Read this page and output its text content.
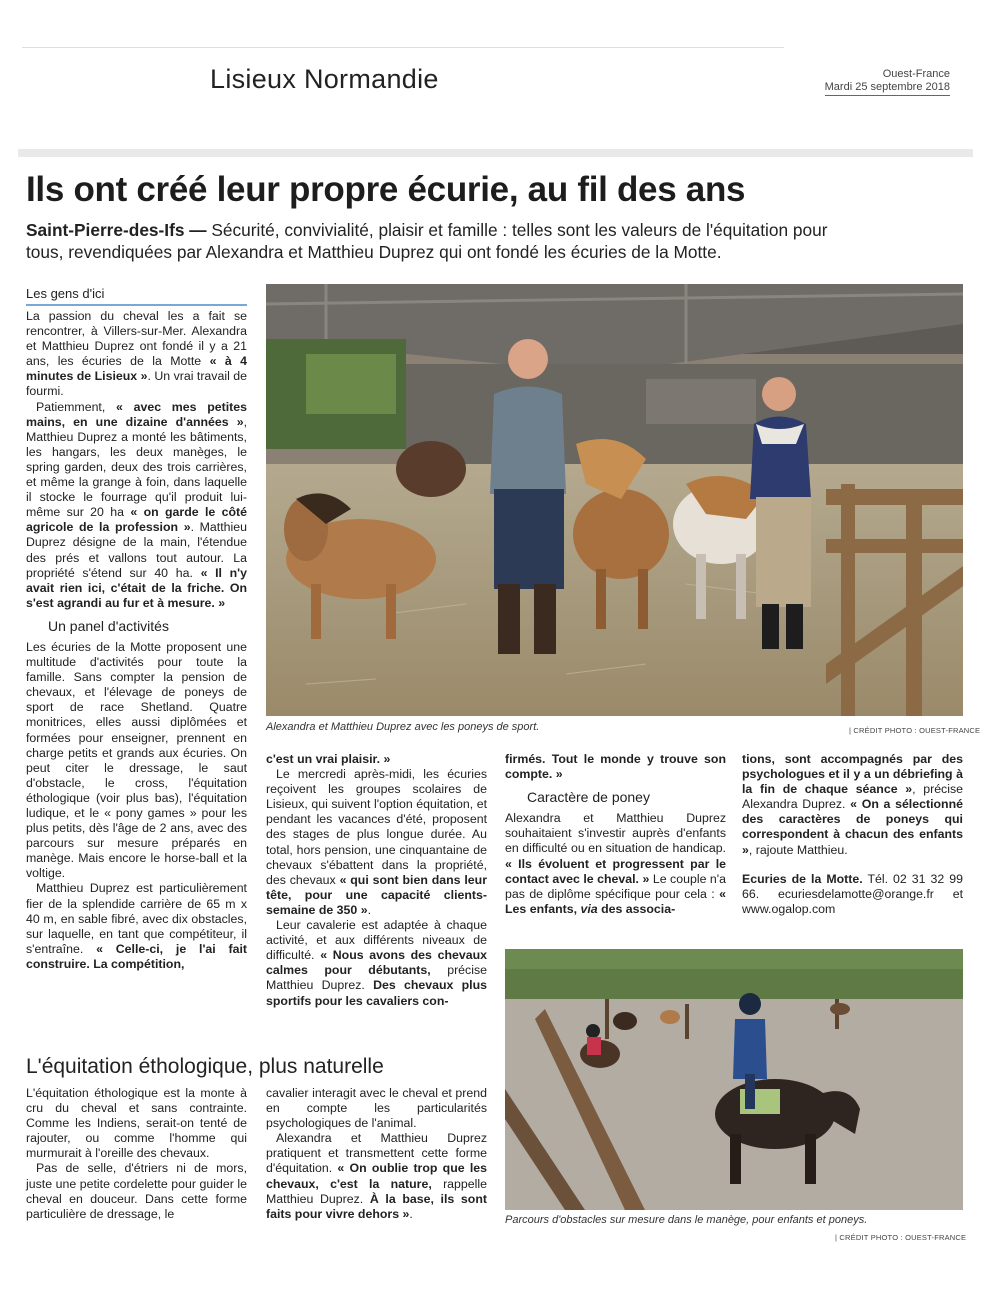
Lisieux Normandie	Ouest-France
Mardi 25 septembre 2018
Ils ont créé leur propre écurie, au fil des ans
Saint-Pierre-des-Ifs — Sécurité, convivialité, plaisir et famille : telles sont les valeurs de l'équitation pour tous, revendiquées par Alexandra et Matthieu Duprez qui ont fondé les écuries de la Motte.
Les gens d'ici

La passion du cheval les a fait se rencontrer, à Villers-sur-Mer. Alexandra et Matthieu Duprez ont fondé il y a 21 ans, les écuries de la Motte « à 4 minutes de Lisieux ». Un vrai travail de fourmi.

Patiemment, « avec mes petites mains, en une dizaine d'années », Matthieu Duprez a monté les bâtiments, les hangars, les deux manèges, le spring garden, deux des trois carrières, et même la grange à foin, dans laquelle il stocke le fourrage qu'il produit lui-même sur 20 ha « on garde le côté agricole de la profession ». Matthieu Duprez désigne de la main, l'étendue des prés et vallons tout autour. La propriété s'étend sur 40 ha. « Il n'y avait rien ici, c'était de la friche. On s'est agrandi au fur et à mesure. »

Un panel d'activités

Les écuries de la Motte proposent une multitude d'activités pour toute la famille. Sans compter la pension de chevaux, et l'élevage de poneys de sport de race Shetland. Quatre monitrices, elles aussi diplômées et formées pour enseigner, prennent en charge petits et grands aux écuries. On peut citer le dressage, le saut d'obstacle, le cross, l'équitation éthologique (voir plus bas), l'équitation ludique, et le « pony games » pour les plus petits, dès l'âge de 2 ans, avec des parcours sur mesure préparés en manège. Mais encore le horse-ball et la voltige.

Matthieu Duprez est particulièrement fier de la splendide carrière de 65 m x 40 m, en sable fibré, avec dix obstacles, sur laquelle, en tant que compétiteur, il s'entraîne. « Celle-ci, je l'ai fait construire. La compétition,

Alexandra et Matthieu Duprez avec les poneys de sport.	| CRÉDIT PHOTO : OUEST-FRANCE

c'est un vrai plaisir. »

Le mercredi après-midi, les écuries reçoivent les groupes scolaires de Lisieux, qui suivent l'option équitation, et pendant les vacances d'été, proposent des stages de plus longue durée. Au total, hors pension, une cinquantaine de chevaux s'ébattent dans la propriété, des chevaux « qui sont bien dans leur tête, pour une capacité clients-semaine de 350 ».

Leur cavalerie est adaptée à chaque activité, et aux différents niveaux de difficulté. « Nous avons des chevaux calmes pour débutants, précise Matthieu Duprez. Des chevaux plus sportifs pour les cavaliers con-

firmés. Tout le monde y trouve son compte. »

Caractère de poney

Alexandra et Matthieu Duprez souhaitaient s'investir auprès d'enfants en difficulté ou en situation de handicap. « Ils évoluent et progressent par le contact avec le cheval. » Le couple n'a pas de diplôme spécifique pour cela : « Les enfants, via des associa-

tions, sont accompagnés par des psychologues et il y a un débriefing à la fin de chaque séance », précise Alexandra Duprez. « On a sélectionné des caractères de poneys qui correspondent à chacun des enfants », rajoute Matthieu.

Ecuries de la Motte. Tél. 02 31 32 99 66. ecuriesdelamotte@orange.fr et www.ogalop.com

Parcours d'obstacles sur mesure dans le manège, pour enfants et poneys.
| CRÉDIT PHOTO : OUEST-FRANCE
L'équitation éthologique, plus naturelle

L'équitation éthologique est la monte à cru du cheval et sans contrainte. Comme les Indiens, serait-on tenté de rajouter, ou comme l'homme qui murmurait à l'oreille des chevaux.

Pas de selle, d'étriers ni de mors, juste une petite cordelette pour guider le cheval en douceur. Dans cette forme particulière de dressage, le

cavalier interagit avec le cheval et prend en compte les particularités psychologiques de l'animal.

Alexandra et Matthieu Duprez pratiquent et transmettent cette forme d'équitation. « On oublie trop que les chevaux, c'est la nature, rappelle Matthieu Duprez. À la base, ils sont faits pour vivre dehors ».
